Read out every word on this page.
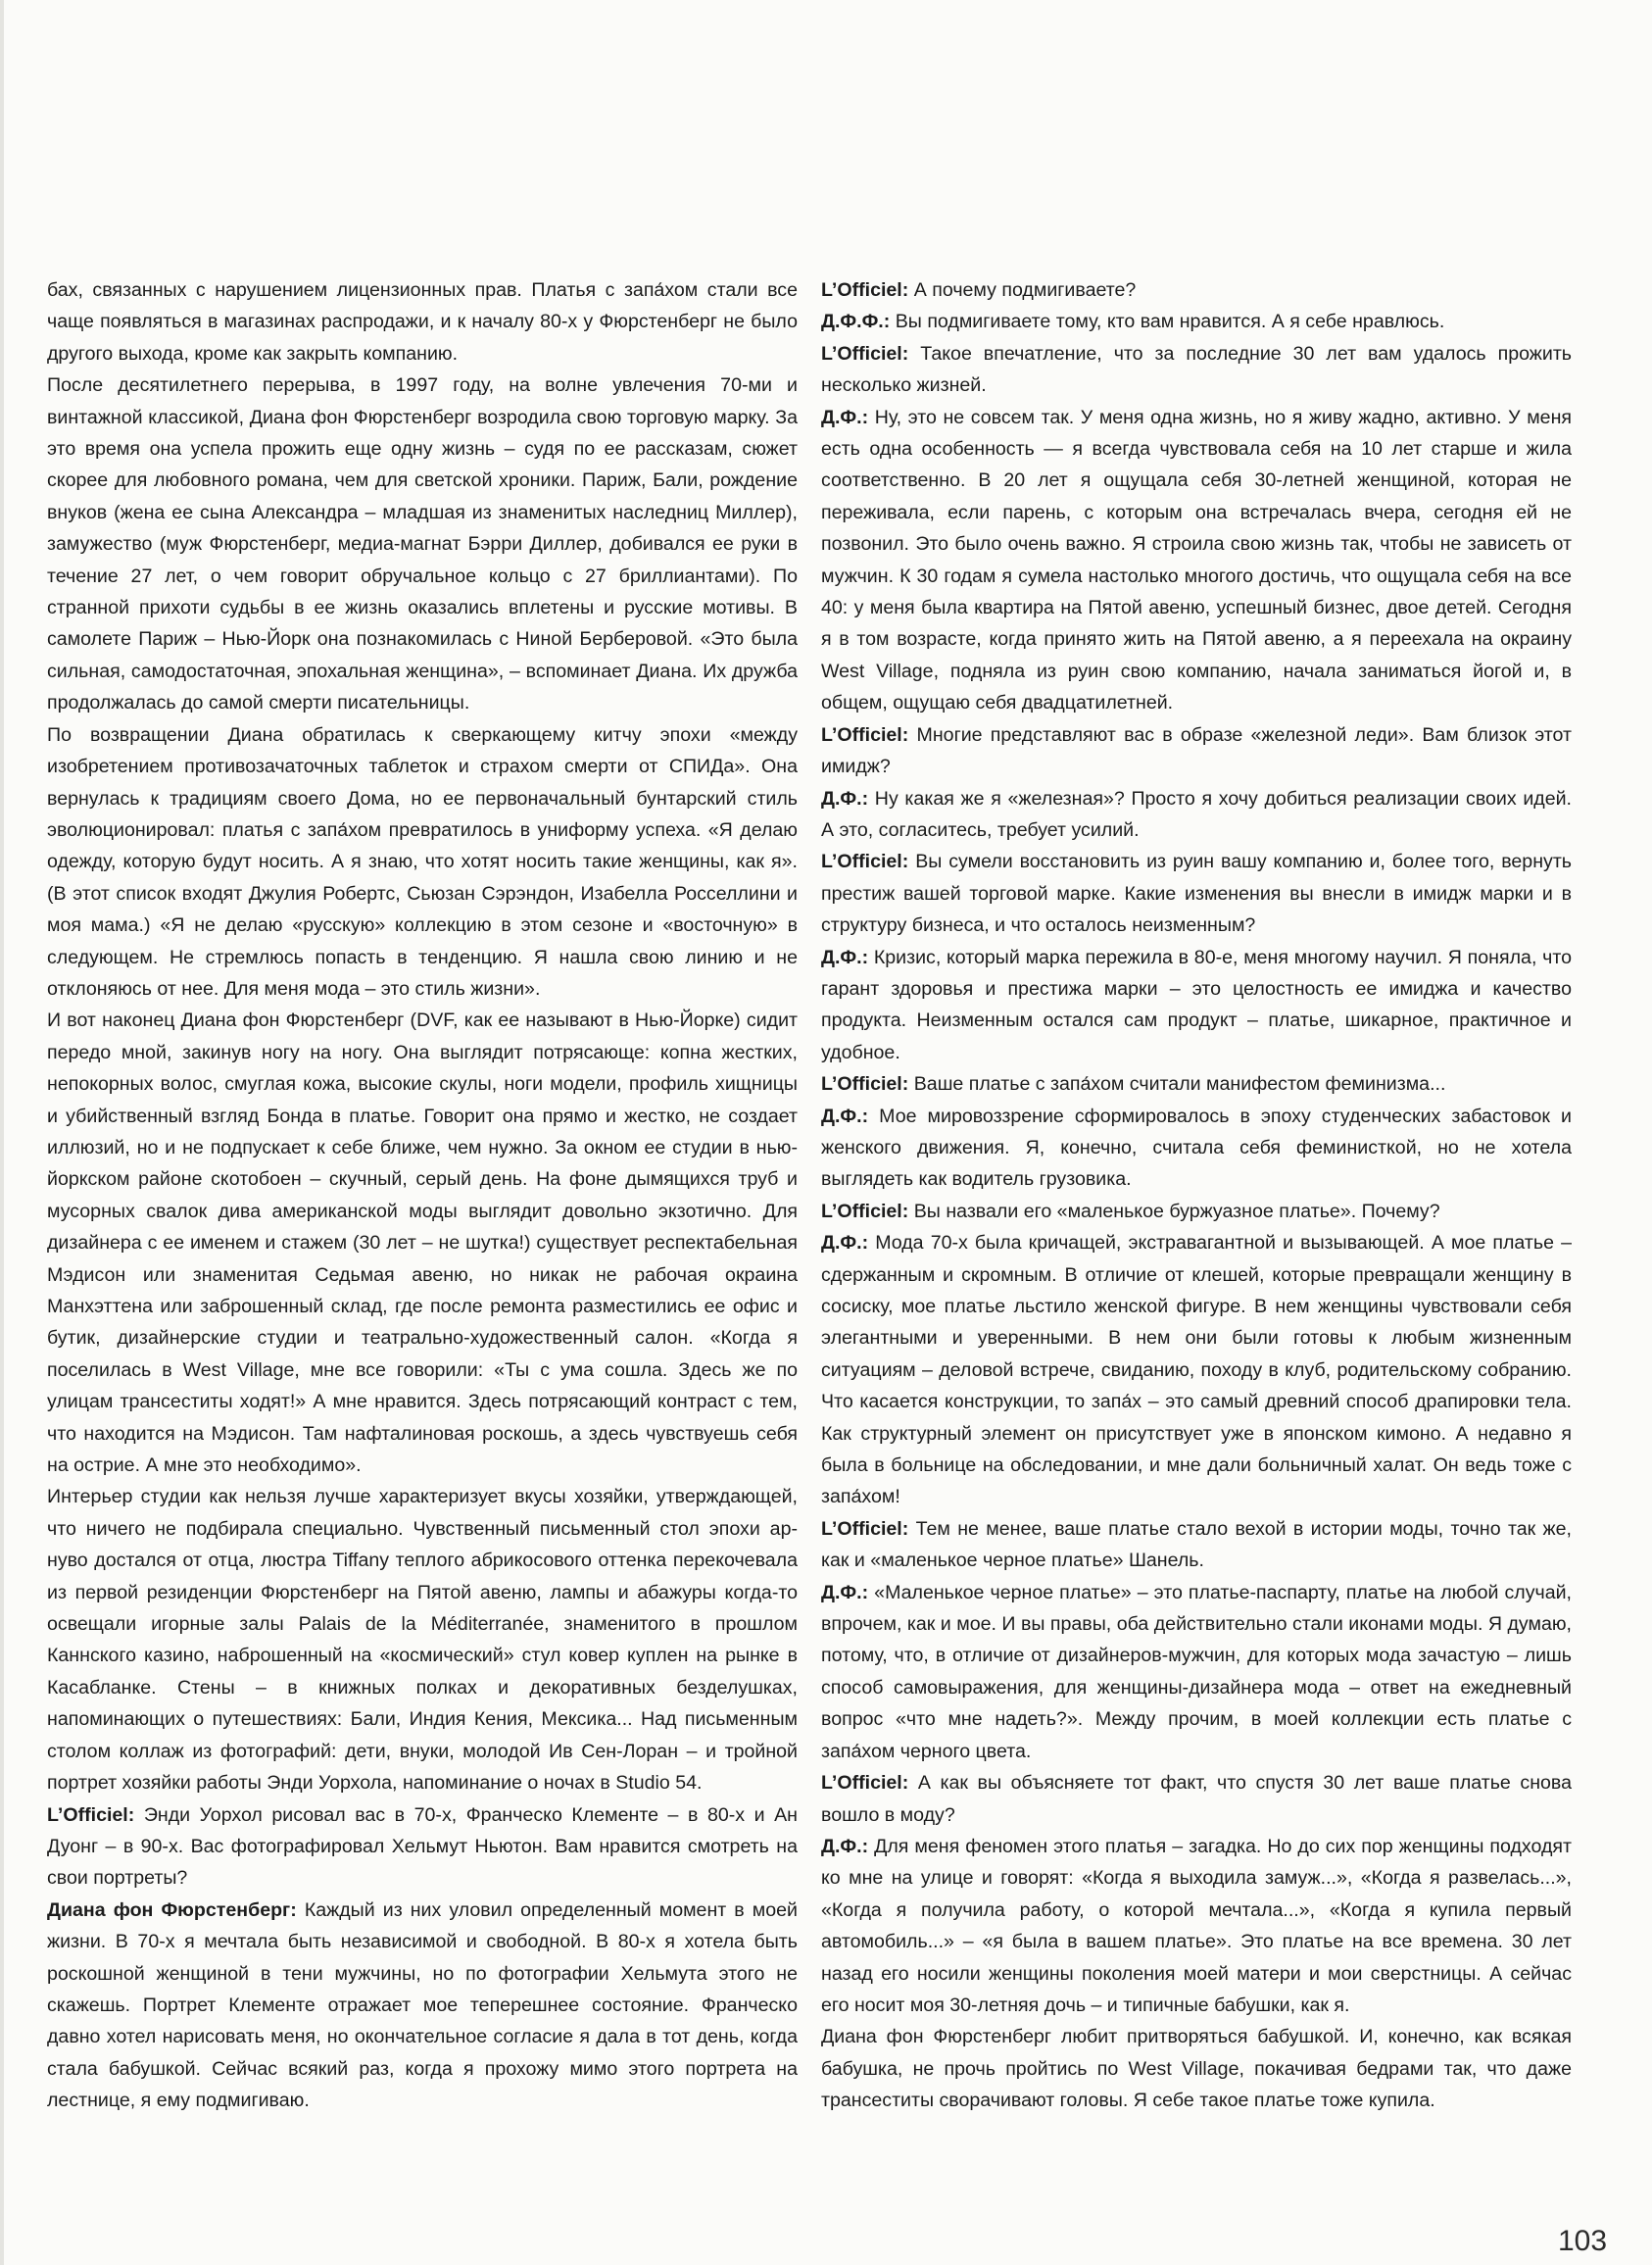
бах, связанных с нарушением лицензионных прав. Платья с запа́хом стали все чаще появляться в магазинах распродажи, и к началу 80-х у Фюрстенберг не было другого выхода, кроме как закрыть компанию.

После десятилетнего перерыва, в 1997 году, на волне увлечения 70-ми и винтажной классикой, Диана фон Фюрстенберг возродила свою торговую марку. За это время она успела прожить еще одну жизнь – судя по ее рассказам, сюжет скорее для любовного романа, чем для светской хроники. Париж, Бали, рождение внуков (жена ее сына Александра – младшая из знаменитых наследниц Миллер), замужество (муж Фюрстенберг, медиа-магнат Бэрри Диллер, добивался ее руки в течение 27 лет, о чем говорит обручальное кольцо с 27 бриллиантами). По странной прихоти судьбы в ее жизнь оказались вплетены и русские мотивы. В самолете Париж – Нью-Йорк она познакомилась с Ниной Берберовой. «Это была сильная, самодостаточная, эпохальная женщина», – вспоминает Диана. Их дружба продолжалась до самой смерти писательницы.

По возвращении Диана обратилась к сверкающему китчу эпохи «между изобретением противозачаточных таблеток и страхом смерти от СПИДа». Она вернулась к традициям своего Дома, но ее первоначальный бунтарский стиль эволюционировал: платья с запа́хом превратилось в униформу успеха. «Я делаю одежду, которую будут носить. А я знаю, что хотят носить такие женщины, как я». (В этот список входят Джулия Робертс, Сьюзан Сэрэндон, Изабелла Росселлини и моя мама.) «Я не делаю «русскую» коллекцию в этом сезоне и «восточную» в следующем. Не стремлюсь попасть в тенденцию. Я нашла свою линию и не отклоняюсь от нее. Для меня мода – это стиль жизни».

И вот наконец Диана фон Фюрстенберг (DVF, как ее называют в Нью-Йорке) сидит передо мной, закинув ногу на ногу. Она выглядит потрясающе: копна жестких, непокорных волос, смуглая кожа, высокие скулы, ноги модели, профиль хищницы и убийственный взгляд Бонда в платье. Говорит она прямо и жестко, не создает иллюзий, но и не подпускает к себе ближе, чем нужно. За окном ее студии в нью-йоркском районе скотобоен – скучный, серый день. На фоне дымящихся труб и мусорных свалок дива американской моды выглядит довольно экзотично. Для дизайнера с ее именем и стажем (30 лет – не шутка!) существует респектабельная Мэдисон или знаменитая Седьмая авеню, но никак не рабочая окраина Манхэттена или заброшенный склад, где после ремонта разместились ее офис и бутик, дизайнерские студии и театрально-художественный салон. «Когда я поселилась в West Village, мне все говорили: «Ты с ума сошла. Здесь же по улицам трансеститы ходят!» А мне нравится. Здесь потрясающий контраст с тем, что находится на Мэдисон. Там нафталиновая роскошь, а здесь чувствуешь себя на острие. А мне это необходимо».

Интерьер студии как нельзя лучше характеризует вкусы хозяйки, утверждающей, что ничего не подбирала специально. Чувственный письменный стол эпохи ар-нуво достался от отца, люстра Tiffany теплого абрикосового оттенка перекочевала из первой резиденции Фюрстенберг на Пятой авеню, лампы и абажуры когда-то освещали игорные залы Palais de la Méditerranée, знаменитого в прошлом Каннского казино, наброшенный на «космический» стул ковер куплен на рынке в Касабланке. Стены – в книжных полках и декоративных безделушках, напоминающих о путешествиях: Бали, Индия Кения, Мексика... Над письменным столом коллаж из фотографий: дети, внуки, молодой Ив Сен-Лоран – и тройной портрет хозяйки работы Энди Уорхола, напоминание о ночах в Studio 54.

L’Officiel: Энди Уорхол рисовал вас в 70-х, Франческо Клементе – в 80-х и Ан Дуонг – в 90-х. Вас фотографировал Хельмут Ньютон. Вам нравится смотреть на свои портреты?

Диана фон Фюрстенберг: Каждый из них уловил определенный момент в моей жизни. В 70-х я мечтала быть независимой и свободной. В 80-х я хотела быть роскошной женщиной в тени мужчины, но по фотографии Хельмута этого не скажешь. Портрет Клементе отражает мое теперешнее состояние. Франческо давно хотел нарисовать меня, но окончательное согласие я дала в тот день, когда стала бабушкой. Сейчас всякий раз, когда я прохожу мимо этого портрета на лестнице, я ему подмигиваю.

L’Officiel: А почему подмигиваете?

Д.Ф.Ф.: Вы подмигиваете тому, кто вам нравится. А я себе нравлюсь.

L’Officiel: Такое впечатление, что за последние 30 лет вам удалось прожить несколько жизней.

Д.Ф.: Ну, это не совсем так. У меня одна жизнь, но я живу жадно, активно. У меня есть одна особенность — я всегда чувствовала себя на 10 лет старше и жила соответственно. В 20 лет я ощущала себя 30-летней женщиной, которая не переживала, если парень, с которым она встречалась вчера, сегодня ей не позвонил. Это было очень важно. Я строила свою жизнь так, чтобы не зависеть от мужчин. К 30 годам я сумела настолько многого достичь, что ощущала себя на все 40: у меня была квартира на Пятой авеню, успешный бизнес, двое детей. Сегодня я в том возрасте, когда принято жить на Пятой авеню, а я переехала на окраину West Village, подняла из руин свою компанию, начала заниматься йогой и, в общем, ощущаю себя двадцатилетней.

L’Officiel: Многие представляют вас в образе «железной леди». Вам близок этот имидж?

Д.Ф.: Ну какая же я «железная»? Просто я хочу добиться реализации своих идей. А это, согласитесь, требует усилий.

L’Officiel: Вы сумели восстановить из руин вашу компанию и, более того, вернуть престиж вашей торговой марке. Какие изменения вы внесли в имидж марки и в структуру бизнеса, и что осталось неизменным?

Д.Ф.: Кризис, который марка пережила в 80-е, меня многому научил. Я поняла, что гарант здоровья и престижа марки – это целостность ее имиджа и качество продукта. Неизменным остался сам продукт – платье, шикарное, практичное и удобное.

L’Officiel: Ваше платье с запа́хом считали манифестом феминизма...

Д.Ф.: Мое мировоззрение сформировалось в эпоху студенческих забастовок и женского движения. Я, конечно, считала себя феминисткой, но не хотела выглядеть как водитель грузовика.

L’Officiel: Вы назвали его «маленькое буржуазное платье». Почему?

Д.Ф.: Мода 70-х была кричащей, экстравагантной и вызывающей. А мое платье – сдержанным и скромным. В отличие от клешей, которые превращали женщину в сосиску, мое платье льстило женской фигуре. В нем женщины чувствовали себя элегантными и уверенными. В нем они были готовы к любым жизненным ситуациям – деловой встрече, свиданию, походу в клуб, родительскому собранию. Что касается конструкции, то запа́х – это самый древний способ драпировки тела. Как структурный элемент он присутствует уже в японском кимоно. А недавно я была в больнице на обследовании, и мне дали больничный халат. Он ведь тоже с запа́хом!

L’Officiel: Тем не менее, ваше платье стало вехой в истории моды, точно так же, как и «маленькое черное платье» Шанель.

Д.Ф.: «Маленькое черное платье» – это платье-паспарту, платье на любой случай, впрочем, как и мое. И вы правы, оба действительно стали иконами моды. Я думаю, потому, что, в отличие от дизайнеров-мужчин, для которых мода зачастую – лишь способ самовыражения, для женщины-дизайнера мода – ответ на ежедневный вопрос «что мне надеть?». Между прочим, в моей коллекции есть платье с запа́хом черного цвета.

L’Officiel: А как вы объясняете тот факт, что спустя 30 лет ваше платье снова вошло в моду?

Д.Ф.: Для меня феномен этого платья – загадка. Но до сих пор женщины подходят ко мне на улице и говорят: «Когда я выходила замуж...», «Когда я развелась...», «Когда я получила работу, о которой мечтала...», «Когда я купила первый автомобиль...» – «я была в вашем платье». Это платье на все времена. 30 лет назад его носили женщины поколения моей матери и мои сверстницы. А сейчас его носит моя 30-летняя дочь – и типичные бабушки, как я.

Диана фон Фюрстенберг любит притворяться бабушкой. И, конечно, как всякая бабушка, не прочь пройтись по West Village, покачивая бедрами так, что даже трансеститы сворачивают головы. Я себе такое платье тоже купила.

103
